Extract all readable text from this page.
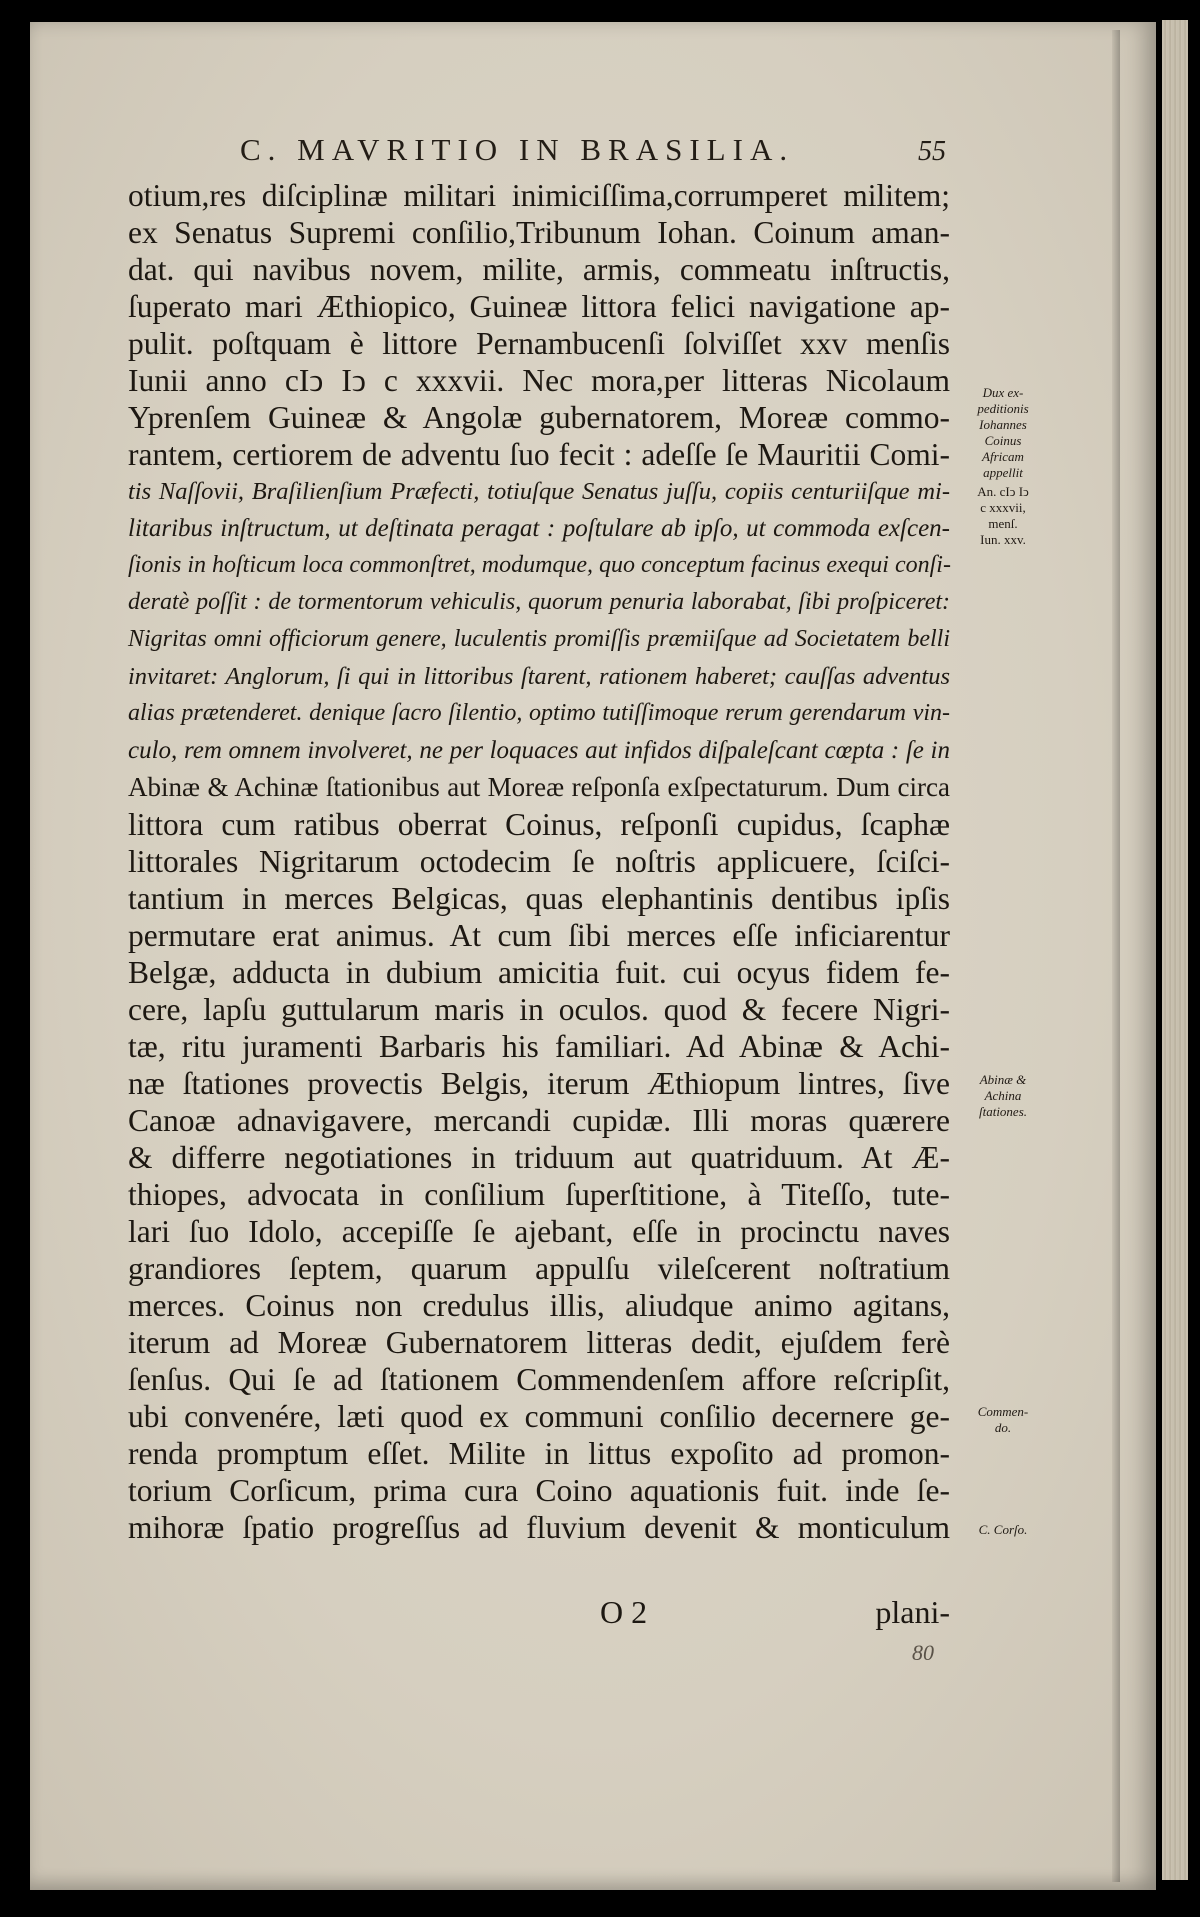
C. MAVRITIO IN BRASILIA.	55
otium,res diſciplinæ militari inimiciſſima,corrumperet militem;
ex Senatus Supremi conſilio,Tribunum Iohan. Coinum aman-
dat. qui navibus novem, milite, armis, commeatu inſtructis,
ſuperato mari Æthiopico, Guineæ littora felici navigatione ap-
pulit. poſtquam è littore Pernambucenſi ſolviſſet xxv menſis
Iunii anno cIↄ Iↄ c xxxvii. Nec mora,per litteras Nicolaum
Yprenſem Guineæ & Angolæ gubernatorem, Moreæ commo-
rantem, certiorem de adventu ſuo fecit : adeſſe ſe Mauritii Comi-
tis Naſſovii, Braſilienſium Præfecti, totiuſque Senatus juſſu, copiis centuriiſque mi-
litaribus inſtructum, ut deſtinata peragat : poſtulare ab ipſo, ut commoda exſcen-
ſionis in hoſticum loca commonſtret, modumque, quo conceptum facinus exequi conſi-
deratè poſſit : de tormentorum vehiculis, quorum penuria laborabat, ſibi proſpiceret:
Nigritas omni officiorum genere, luculentis promiſſis præmiiſque ad Societatem belli
invitaret: Anglorum, ſi qui in littoribus ſtarent, rationem haberet; cauſſas adventus
alias prætenderet. denique ſacro ſilentio, optimo tutiſſimoque rerum gerendarum vin-
culo, rem omnem involveret, ne per loquaces aut infidos diſpaleſcant cœpta : ſe in
Abinæ & Achinæ ſtationibus aut Moreæ reſponſa exſpectaturum. Dum circa
littora cum ratibus oberrat Coinus, reſponſi cupidus, ſcaphæ
littorales Nigritarum octodecim ſe noſtris applicuere, ſciſci-
tantium in merces Belgicas, quas elephantinis dentibus ipſis
permutare erat animus. At cum ſibi merces eſſe inficiarentur
Belgæ, adducta in dubium amicitia fuit. cui ocyus fidem fe-
cere, lapſu guttularum maris in oculos. quod & fecere Nigri-
tæ, ritu juramenti Barbaris his familiari. Ad Abinæ & Achi-
næ ſtationes provectis Belgis, iterum Æthiopum lintres, ſive
Canoæ adnavigavere, mercandi cupidæ. Illi moras quærere
& differre negotiationes in triduum aut quatriduum. At Æ-
thiopes, advocata in conſilium ſuperſtitione, à Titeſſo, tute-
lari ſuo Idolo, accepiſſe ſe ajebant, eſſe in procinctu naves
grandiores ſeptem, quarum appulſu vileſcerent noſtratium
merces. Coinus non credulus illis, aliudque animo agitans,
iterum ad Moreæ Gubernatorem litteras dedit, ejuſdem ferè
ſenſus. Qui ſe ad ſtationem Commendenſem affore reſcripſit,
ubi convenére, læti quod ex communi conſilio decernere ge-
renda promptum eſſet. Milite in littus expoſito ad promon-
torium Corſicum, prima cura Coino aquationis fuit. inde ſe-
mihoræ ſpatio progreſſus ad fluvium devenit & monticulum
Dux ex-
peditionis
Iohannes
Coinus
Africam
appellit
An. cIↄ Iↄ
c xxxvii,
menſ.
Iun. xxv.
Abinæ &
Achina
ſtationes.
Commen-
do.
C. Corſo.
O 2	plani-
80
